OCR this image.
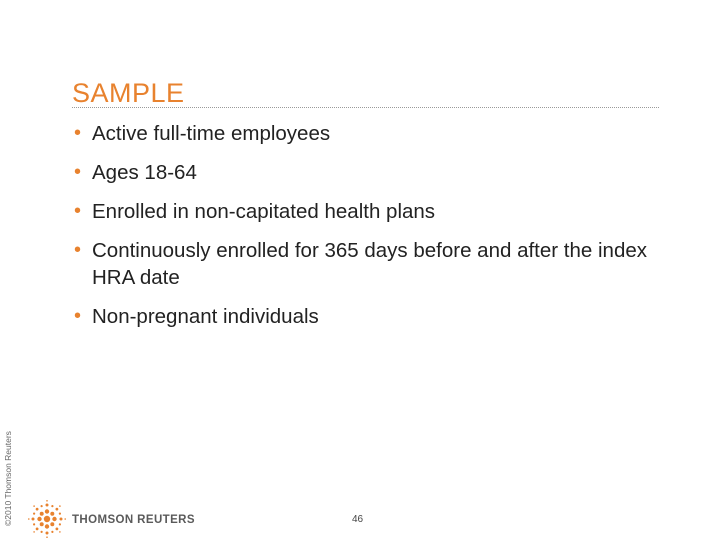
SAMPLE
• Active full-time employees
• Ages 18-64
• Enrolled in non-capitated health plans
• Continuously enrolled for 365 days before and after the index HRA date
• Non-pregnant individuals
©2010 Thomson Reuters	THOMSON REUTERS	46
